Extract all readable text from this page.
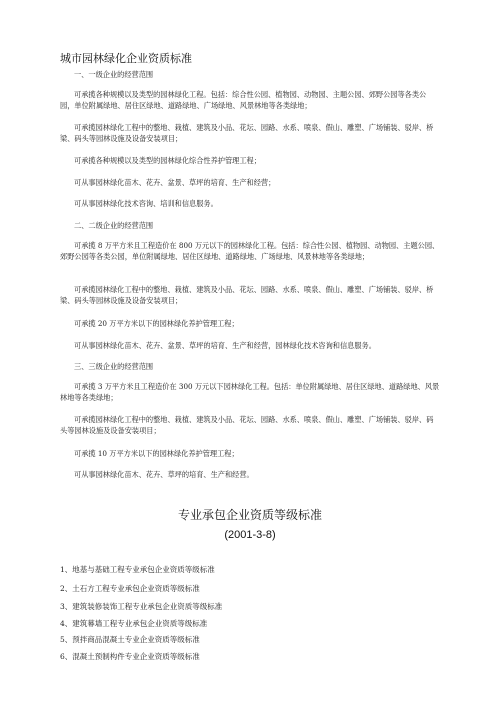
城市园林绿化企业资质标准
一、一级企业的经营范围
可承揽各种规模以及类型的园林绿化工程。包括：综合性公园、植物园、动物园、主题公园、郊野公园等各类公园，单位附属绿地、居住区绿地、道路绿地、广场绿地、风景林地等各类绿地；
可承揽园林绿化工程中的整地、栽植、建筑及小品、花坛、园路、水系、喷泉、假山、雕塑、广场铺装、驳岸、桥梁、码头等园林设施及设备安装项目；
可承揽各种规模以及类型的园林绿化综合性养护管理工程；
可从事园林绿化苗木、花卉、盆景、草坪的培育、生产和经营；
可从事园林绿化技术咨询、培训和信息服务。
二、二级企业的经营范围
可承揽 8 万平方米且工程造价在 800 万元以下的园林绿化工程。包括：综合性公园、植物园、动物园、主题公园、郊野公园等各类公园，单位附属绿地、居住区绿地、道路绿地、广场绿地、风景林地等各类绿地；
可承揽园林绿化工程中的整地、栽植、建筑及小品、花坛、园路、水系、喷泉、假山、雕塑、广场铺装、驳岸、桥梁、码头等园林设施及设备安装项目；
可承揽 20 万平方米以下的园林绿化养护管理工程；
可从事园林绿化苗木、花卉、盆景、草坪的培育、生产和经营，园林绿化技术咨询和信息服务。
三、三级企业的经营范围
可承揽 3 万平方米且工程造价在 300 万元以下园林绿化工程。包括：单位附属绿地、居住区绿地、道路绿地、风景林地等各类绿地；
可承揽园林绿化工程中的整地、栽植、建筑及小品、花坛、园路、水系、喷泉、假山、雕塑、广场铺装、驳岸、码头等园林设施及设备安装项目；
可承揽 10 万平方米以下的园林绿化养护管理工程；
可从事园林绿化苗木、花卉、草坪的培育、生产和经营。
专业承包企业资质等级标准
(2001-3-8)
1、地基与基础工程专业承包企业资质等级标准
2、土石方工程专业承包企业资质等级标准
3、建筑装修装饰工程专业承包企业资质等级标准
4、建筑幕墙工程专业承包企业资质等级标准
5、预拌商品混凝土专业企业资质等级标准
6、混凝土预制构件专业企业资质等级标准
